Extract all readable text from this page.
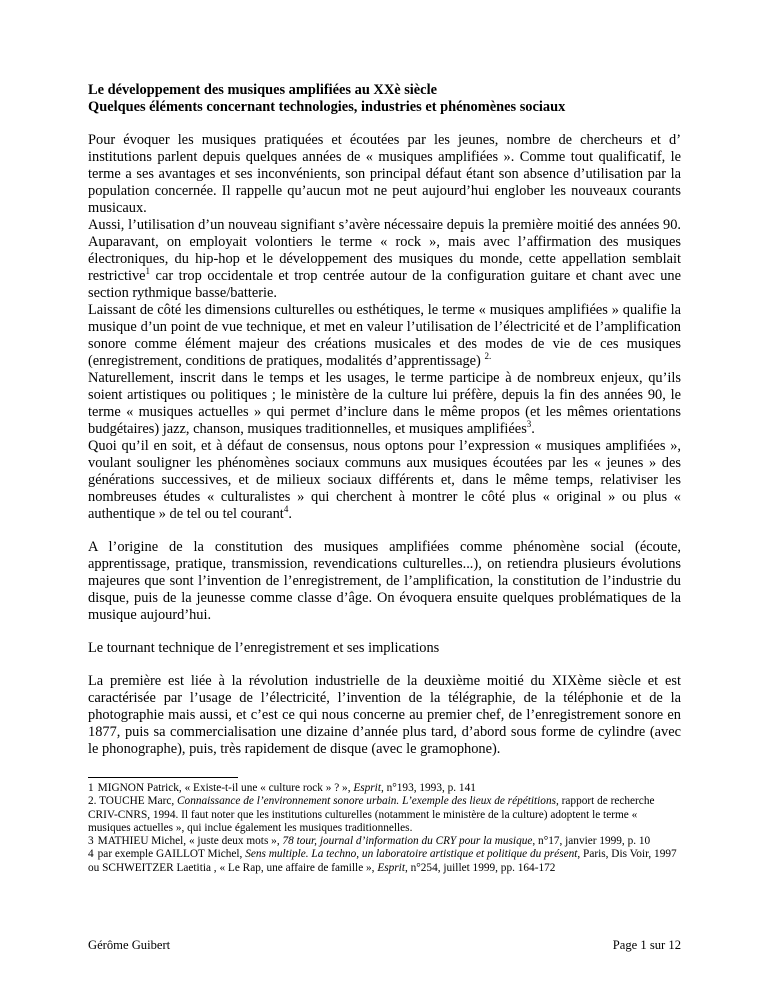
Le développement des musiques amplifiées au XXè siècle

Quelques éléments concernant technologies, industries et phénomènes sociaux

Pour évoquer les musiques pratiquées et écoutées par les jeunes, nombre de chercheurs et d’ institutions parlent depuis quelques années de « musiques amplifiées ». Comme tout qualificatif, le terme a ses avantages et ses inconvénients, son principal défaut étant son absence d’utilisation par la population concernée. Il rappelle qu’aucun mot ne peut aujourd’hui englober les nouveaux courants musicaux.

Aussi, l’utilisation d’un nouveau signifiant s’avère nécessaire depuis la première moitié des années 90. Auparavant, on employait volontiers le terme « rock », mais avec l’affirmation des musiques électroniques, du hip-hop et le développement des musiques du monde, cette appellation semblait restrictive$^1$ car trop occidentale et trop centrée autour de la configuration guitare et chant avec une section rythmique basse/batterie.

Laissant de côté les dimensions culturelles ou esthétiques, le terme « musiques amplifiées » qualifie la musique d’un point de vue technique, et met en valeur l’utilisation de l’électricité et de l’amplification sonore comme élément majeur des créations musicales et des modes de vie de ces musiques (enregistrement, conditions de pratiques, modalités d’apprentissage) $^{2.}$

Naturellement, inscrit dans le temps et les usages, le terme participe à de nombreux enjeux, qu’ils soient artistiques ou politiques ; le ministère de la culture lui préfère, depuis la fin des années 90, le terme « musiques actuelles » qui permet d’inclure dans le même propos (et les mêmes orientations budgétaires) jazz, chanson, musiques traditionnelles, et musiques amplifiées$^3$.

Quoi qu’il en soit, et à défaut de consensus, nous optons pour l’expression « musiques amplifiées », voulant souligner les phénomènes sociaux communs aux musiques écoutées par les « jeunes » des générations successives, et de milieux sociaux différents et, dans le même temps, relativiser les nombreuses études « culturalistes » qui cherchent à montrer le côté plus « original » ou plus « authentique » de tel ou tel courant$^4$.

A l’origine de la constitution des musiques amplifiées comme phénomène social (écoute, apprentissage, pratique, transmission, revendications culturelles...), on retiendra plusieurs évolutions majeures que sont l’invention de l’enregistrement, de l’amplification, la constitution de l’industrie du disque, puis de la jeunesse comme classe d’âge. On évoquera ensuite quelques problématiques de la musique aujourd’hui.

Le tournant technique de l’enregistrement et ses implications

La première est liée à la révolution industrielle de la deuxième moitié du XIXème siècle et est caractérisée par l’usage de l’électricité, l’invention de la télégraphie, de la téléphonie et de la photographie mais aussi, et c’est ce qui nous concerne au premier chef, de l’enregistrement sonore en 1877, puis sa commercialisation une dizaine d’année plus tard, d’abord sous forme de cylindre (avec le phonographe), puis, très rapidement de disque (avec le gramophone).

1 MIGNON Patrick, « Existe-t-il une « culture rock » ? », Esprit, n°193, 1993, p. 141

2. TOUCHE Marc, Connaissance de l’environnement sonore urbain. L’exemple des lieux de répétitions, rapport de recherche CRIV-CNRS, 1994. Il faut noter que les institutions culturelles (notamment le ministère de la culture) adoptent le terme « musiques actuelles », qui inclue également les musiques traditionnelles.

3 MATHIEU Michel, « juste deux mots », 78 tour, journal d’information du CRY pour la musique, n°17, janvier 1999, p. 10

4 par exemple GAILLOT Michel, Sens multiple. La techno, un laboratoire artistique et politique du présent, Paris, Dis Voir, 1997 ou SCHWEITZER Laetitia , « Le Rap, une affaire de famille », Esprit, n°254, juillet 1999, pp. 164-172

Gérôme Guibert	Page 1 sur 12
